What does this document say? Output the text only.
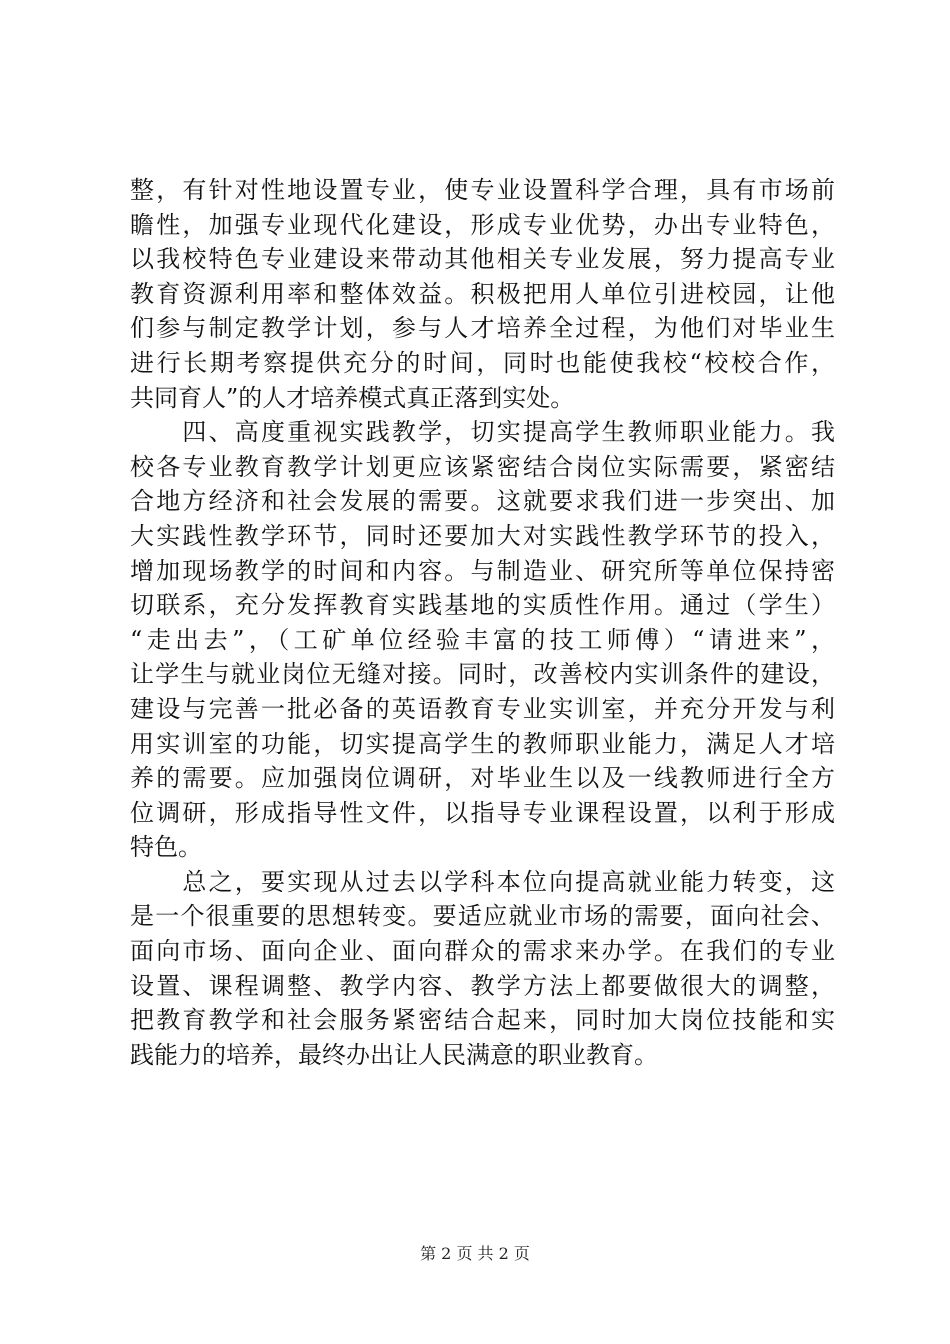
整，有针对性地设置专业，使专业设置科学合理，具有市场前
瞻性，加强专业现代化建设，形成专业优势，办出专业特色，
以我校特色专业建设来带动其他相关专业发展，努力提高专业
教育资源利用率和整体效益。积极把用人单位引进校园，让他
们参与制定教学计划，参与人才培养全过程，为他们对毕业生
进行长期考察提供充分的时间，同时也能使我校“校校合作，
共同育人”的人才培养模式真正落到实处。
　　四、高度重视实践教学，切实提高学生教师职业能力。我
校各专业教育教学计划更应该紧密结合岗位实际需要，紧密结
合地方经济和社会发展的需要。这就要求我们进一步突出、加
大实践性教学环节，同时还要加大对实践性教学环节的投入，
增加现场教学的时间和内容。与制造业、研究所等单位保持密
切联系，充分发挥教育实践基地的实质性作用。通过（学生）
“走出去”，（工矿单位经验丰富的技工师傅）“请进来”，
让学生与就业岗位无缝对接。同时，改善校内实训条件的建设，
建设与完善一批必备的英语教育专业实训室，并充分开发与利
用实训室的功能，切实提高学生的教师职业能力，满足人才培
养的需要。应加强岗位调研，对毕业生以及一线教师进行全方
位调研，形成指导性文件，以指导专业课程设置，以利于形成
特色。
　　总之，要实现从过去以学科本位向提高就业能力转变，这
是一个很重要的思想转变。要适应就业市场的需要，面向社会、
面向市场、面向企业、面向群众的需求来办学。在我们的专业
设置、课程调整、教学内容、教学方法上都要做很大的调整，
把教育教学和社会服务紧密结合起来，同时加大岗位技能和实
践能力的培养，最终办出让人民满意的职业教育。
第 2 页 共 2 页
